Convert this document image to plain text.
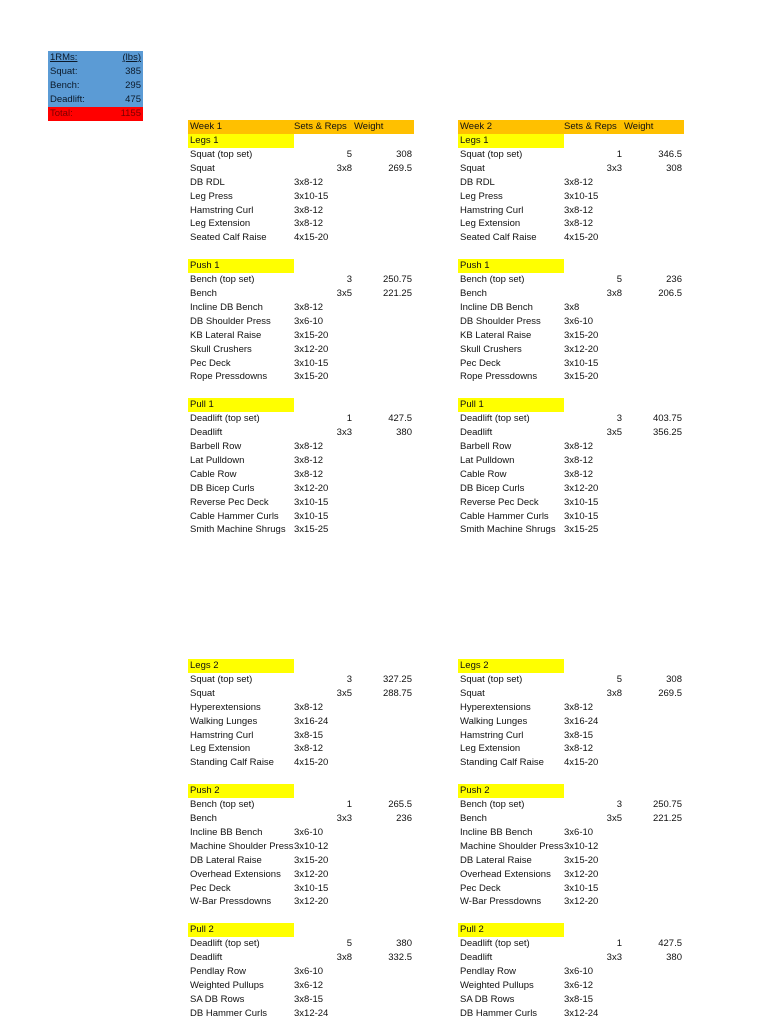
1RMs:	(lbs)
Squat:	385
Bench:	295
Deadlift:	475
Total:	1155
Week 1	Sets & Reps Weight
Legs 1
Squat (top set)	5	308
Squat	3x8	269.5
DB RDL	3x8-12
Leg Press	3x10-15
Hamstring Curl	3x8-12
Leg Extension	3x8-12
Seated Calf Raise	4x15-20
Push 1
Bench (top set)	3	250.75
Bench	3x5	221.25
Incline DB Bench	3x8-12
DB Shoulder Press	3x6-10
KB Lateral Raise	3x15-20
Skull Crushers	3x12-20
Pec Deck	3x10-15
Rope Pressdowns	3x15-20
Pull 1
Deadlift (top set)	1	427.5
Deadlift	3x3	380
Barbell Row	3x8-12
Lat Pulldown	3x8-12
Cable Row	3x8-12
DB Bicep Curls	3x12-20
Reverse Pec Deck	3x10-15
Cable Hammer Curls	3x10-15
Smith Machine Shrugs 3x15-25
Week 2	Sets & Reps Weight
Legs 1
Squat (top set)	1	346.5
Squat	3x3	308
DB RDL	3x8-12
Leg Press	3x10-15
Hamstring Curl	3x8-12
Leg Extension	3x8-12
Seated Calf Raise	4x15-20
Push 1
Bench (top set)	5	236
Bench	3x8	206.5
Incline DB Bench	3x8
DB Shoulder Press	3x6-10
KB Lateral Raise	3x15-20
Skull Crushers	3x12-20
Pec Deck	3x10-15
Rope Pressdowns	3x15-20
Pull 1
Deadlift (top set)	3	403.75
Deadlift	3x5	356.25
Barbell Row	3x8-12
Lat Pulldown	3x8-12
Cable Row	3x8-12
DB Bicep Curls	3x12-20
Reverse Pec Deck	3x10-15
Cable Hammer Curls	3x10-15
Smith Machine Shrugs 3x15-25
Legs 2
Squat (top set)	3	327.25
Squat	3x5	288.75
Hyperextensions	3x8-12
Walking Lunges	3x16-24
Hamstring Curl	3x8-15
Leg Extension	3x8-12
Standing Calf Raise	4x15-20
Push 2
Bench (top set)	1	265.5
Bench	3x3	236
Incline BB Bench	3x6-10
Machine Shoulder Press 3x10-12
DB Lateral Raise	3x15-20
Overhead Extensions	3x12-20
Pec Deck	3x10-15
W-Bar Pressdowns	3x12-20
Pull 2
Deadlift (top set)	5	380
Deadlift	3x8	332.5
Pendlay Row	3x6-10
Weighted Pullups	3x6-12
SA DB Rows	3x8-15
DB Hammer Curls	3x12-24
Legs 2
Squat (top set)	5	308
Squat	3x8	269.5
Hyperextensions	3x8-12
Walking Lunges	3x16-24
Hamstring Curl	3x8-15
Leg Extension	3x8-12
Standing Calf Raise	4x15-20
Push 2
Bench (top set)	3	250.75
Bench	3x5	221.25
Incline BB Bench	3x6-10
Machine Shoulder Press 3x10-12
DB Lateral Raise	3x15-20
Overhead Extensions	3x12-20
Pec Deck	3x10-15
W-Bar Pressdowns	3x12-20
Pull 2
Deadlift (top set)	1	427.5
Deadlift	3x3	380
Pendlay Row	3x6-10
Weighted Pullups	3x6-12
SA DB Rows	3x8-15
DB Hammer Curls	3x12-24
